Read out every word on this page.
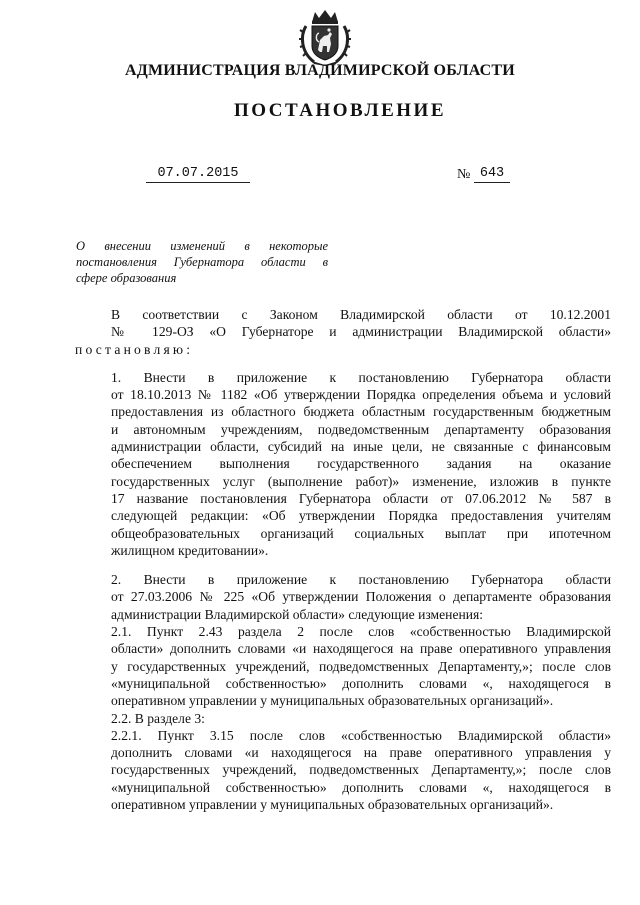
АДМИНИСТРАЦИЯ ВЛАДИМИРСКОЙ ОБЛАСТИ
ПОСТАНОВЛЕНИЕ
07.07.2015	№ 643
О внесении изменений в некоторые
постановления Губернатора области в
сфере образования
В соответствии с Законом Владимирской области от 10.12.2001
№ 129-ОЗ «О Губернаторе и администрации Владимирской области»
постановляю:
1. Внести в приложение к постановлению Губернатора области
от 18.10.2013 № 1182 «Об утверждении Порядка определения объема и условий
предоставления из областного бюджета областным государственным бюджетным
и автономным учреждениям, подведомственным департаменту образования
администрации области, субсидий на иные цели, не связанные с финансовым
обеспечением выполнения государственного задания на оказание
государственных услуг (выполнение работ)» изменение, изложив в пункте
17 название постановления Губернатора области от 07.06.2012 № 587 в
следующей редакции: «Об утверждении Порядка предоставления учителям
общеобразовательных организаций социальных выплат при ипотечном
жилищном кредитовании».
2. Внести в приложение к постановлению Губернатора области
от 27.03.2006 № 225 «Об утверждении Положения о департаменте образования
администрации Владимирской области» следующие изменения:
2.1. Пункт 2.43 раздела 2 после слов «собственностью Владимирской
области» дополнить словами «и находящегося на праве оперативного управления
у государственных учреждений, подведомственных Департаменту,»; после слов
«муниципальной собственностью» дополнить словами «, находящегося в
оперативном управлении у муниципальных образовательных организаций».
2.2. В разделе 3:
2.2.1. Пункт 3.15 после слов «собственностью Владимирской области»
дополнить словами «и находящегося на праве оперативного управления у
государственных учреждений, подведомственных Департаменту,»; после слов
«муниципальной собственностью» дополнить словами «, находящегося в
оперативном управлении у муниципальных образовательных организаций».
